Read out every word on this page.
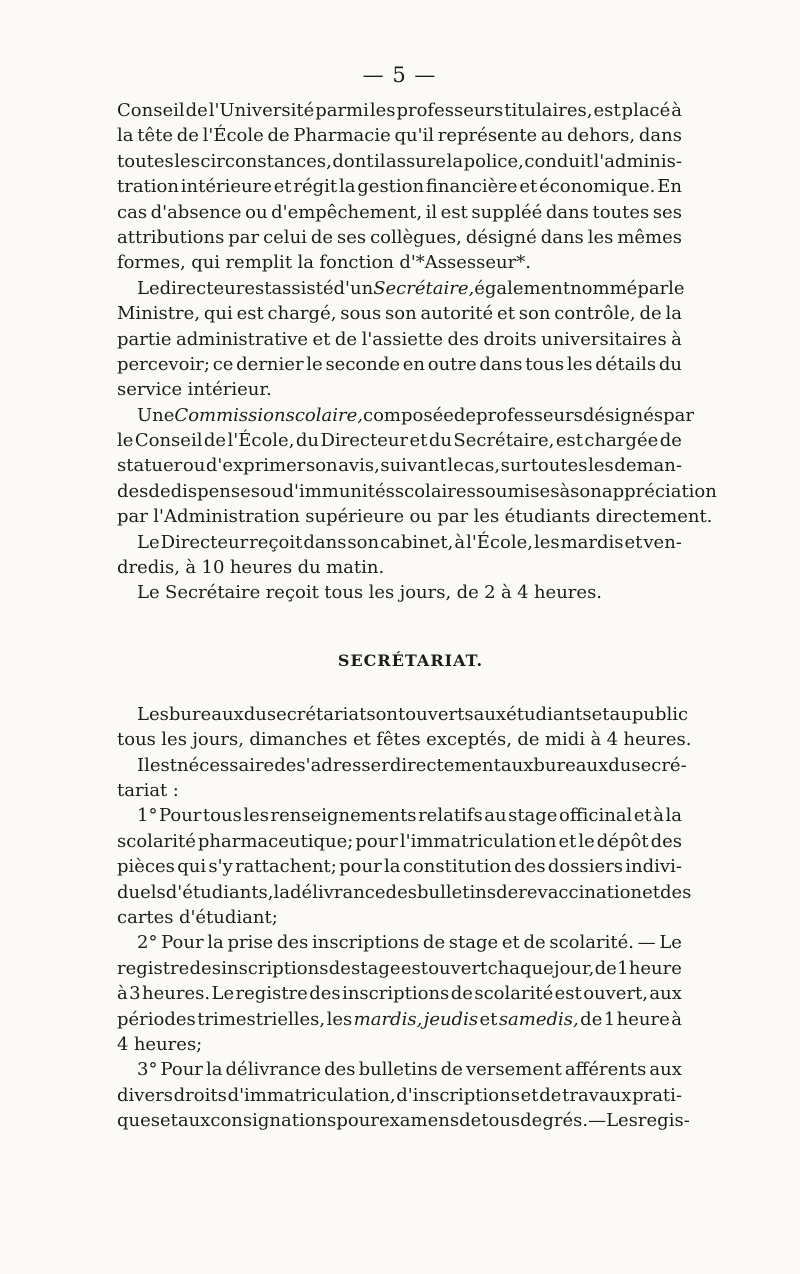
— 5 —
Conseil de l'Université parmi les professeurs titulaires, est placé à
la tête de l'École de Pharmacie qu'il représente au dehors, dans
toutes les circonstances, dont il assure la police, conduit l'adminis-
tration intérieure et régit la gestion financière et économique. En
cas d'absence ou d'empêchement, il est suppléé dans toutes ses
attributions par celui de ses collègues, désigné dans les mêmes
formes, qui remplit la fonction d'*Assesseur*.
Le directeur est assisté d'un Secrétaire, également nommé par le
Ministre, qui est chargé, sous son autorité et son contrôle, de la
partie administrative et de l'assiette des droits universitaires à
percevoir; ce dernier le seconde en outre dans tous les détails du
service intérieur.
Une Commission scolaire, composée de professeurs désignés par
le Conseil de l'École, du Directeur et du Secrétaire, est chargée de
statuer ou d'exprimer son avis, suivant le cas, sur toutes les deman-
des de dispenses ou d'immunités scolaires soumises à son appréciation
par l'Administration supérieure ou par les étudiants directement.
Le Directeur reçoit dans son cabinet, à l'École, les mardis et ven-
dredis, à 10 heures du matin.
Le Secrétaire reçoit tous les jours, de 2 à 4 heures.
SECRÉTARIAT.
Les bureaux du secrétariat sont ouverts aux étudiants et au public
tous les jours, dimanches et fêtes exceptés, de midi à 4 heures.
Il est nécessaire de s'adresser directement aux bureaux du secré-
tariat :
1° Pour tous les renseignements relatifs au stage officinal et à la
scolarité pharmaceutique; pour l'immatriculation et le dépôt des
pièces qui s'y rattachent; pour la constitution des dossiers indivi-
duels d'étudiants, la délivrance des bulletins de revaccination et des
cartes d'étudiant;
2° Pour la prise des inscriptions de stage et de scolarité. — Le
registre des inscriptions de stage est ouvert chaque jour, de 1 heure
à 3 heures. Le registre des inscriptions de scolarité est ouvert, aux
périodes trimestrielles, les mardis, jeudis et samedis, de 1 heure à
4 heures;
3° Pour la délivrance des bulletins de versement afférents aux
divers droits d'immatriculation, d'inscriptions et de travaux prati-
ques et aux consignations pour examens de tous degrés. — Les regis-
